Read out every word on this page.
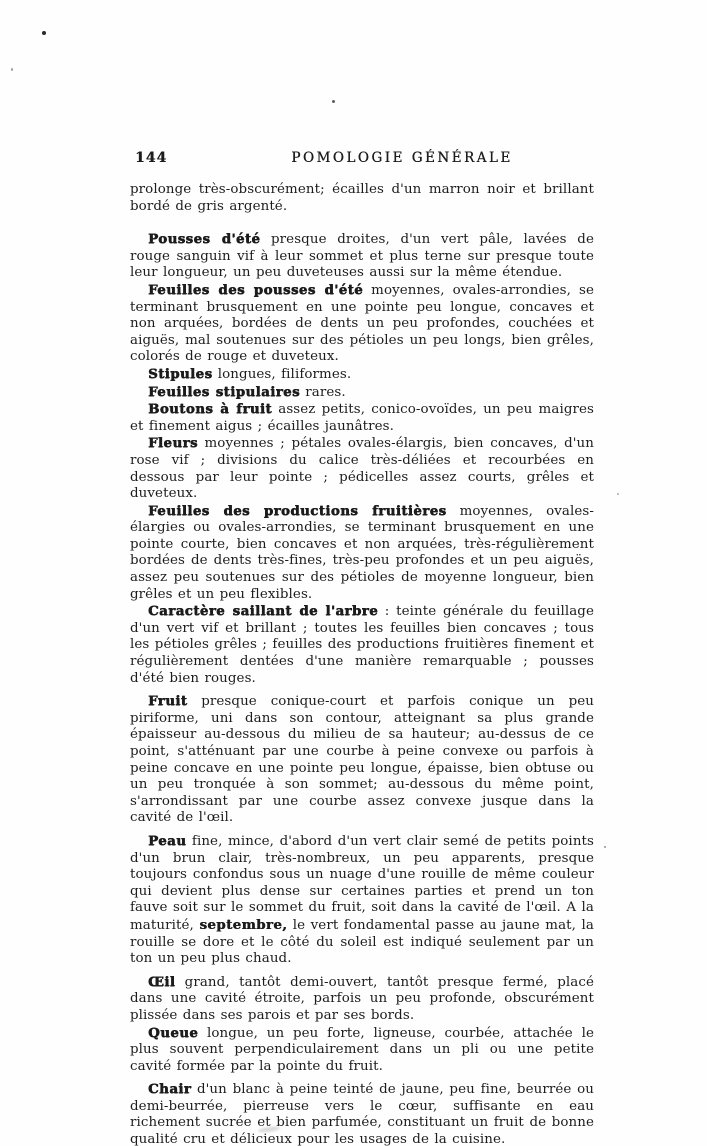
144	POMOLOGIE GÉNÉRALE

prolonge très-obscurément; écailles d'un marron noir et brillant bordé de gris argenté.

Pousses d'été presque droites, d'un vert pâle, lavées de rouge sanguin vif à leur sommet et plus terne sur presque toute leur longueur, un peu duveteuses aussi sur la même étendue.

Feuilles des pousses d'été moyennes, ovales-arrondies, se terminant brusquement en une pointe peu longue, concaves et non arquées, bordées de dents un peu profondes, couchées et aiguës, mal soutenues sur des pétioles un peu longs, bien grêles, colorés de rouge et duveteux.

Stipules longues, filiformes.

Feuilles stipulaires rares.

Boutons à fruit assez petits, conico-ovoïdes, un peu maigres et finement aigus ; écailles jaunâtres.

Fleurs moyennes ; pétales ovales-élargis, bien concaves, d'un rose vif ; divisions du calice très-déliées et recourbées en dessous par leur pointe ; pédicelles assez courts, grêles et duveteux.

Feuilles des productions fruitières moyennes, ovales-élargies ou ovales-arrondies, se terminant brusquement en une pointe courte, bien concaves et non arquées, très-régulièrement bordées de dents très-fines, très-peu profondes et un peu aiguës, assez peu soutenues sur des pétioles de moyenne longueur, bien grêles et un peu flexibles.

Caractère saillant de l'arbre : teinte générale du feuillage d'un vert vif et brillant ; toutes les feuilles bien concaves ; tous les pétioles grêles ; feuilles des productions fruitières finement et régulièrement dentées d'une manière remarquable ; pousses d'été bien rouges.

Fruit presque conique-court et parfois conique un peu piriforme, uni dans son contour, atteignant sa plus grande épaisseur au-dessous du milieu de sa hauteur; au-dessus de ce point, s'atténuant par une courbe à peine convexe ou parfois à peine concave en une pointe peu longue, épaisse, bien obtuse ou un peu tronquée à son sommet; au-dessous du même point, s'arrondissant par une courbe assez convexe jusque dans la cavité de l'œil.

Peau fine, mince, d'abord d'un vert clair semé de petits points d'un brun clair, très-nombreux, un peu apparents, presque toujours confondus sous un nuage d'une rouille de même couleur qui devient plus dense sur certaines parties et prend un ton fauve soit sur le sommet du fruit, soit dans la cavité de l'œil. A la maturité, septembre, le vert fondamental passe au jaune mat, la rouille se dore et le côté du soleil est indiqué seulement par un ton un peu plus chaud.

Œil grand, tantôt demi-ouvert, tantôt presque fermé, placé dans une cavité étroite, parfois un peu profonde, obscurément plissée dans ses parois et par ses bords.

Queue longue, un peu forte, ligneuse, courbée, attachée le plus souvent perpendiculairement dans un pli ou une petite cavité formée par la pointe du fruit.

Chair d'un blanc à peine teinté de jaune, peu fine, beurrée ou demi-beurrée, pierreuse vers le cœur, suffisante en eau richement sucrée et bien parfumée, constituant un fruit de bonne qualité cru et délicieux pour les usages de la cuisine.
